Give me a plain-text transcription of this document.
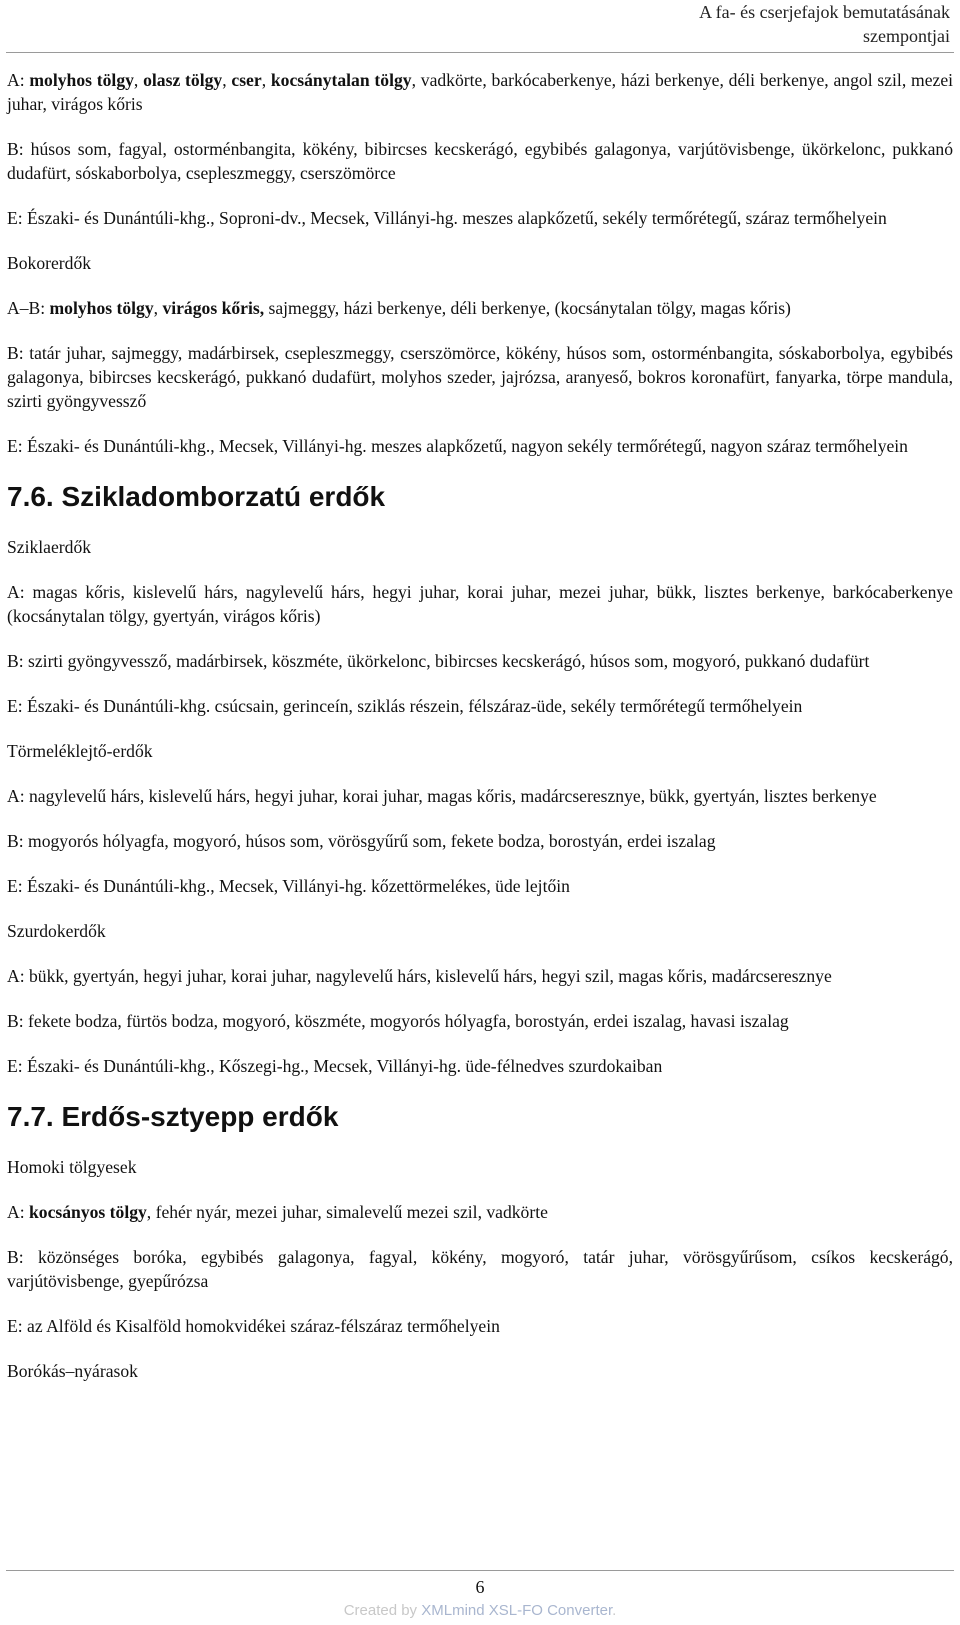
A fa- és cserjefajok bemutatásának
szempontjai

A: molyhos tölgy, olasz tölgy, cser, kocsánytalan tölgy, vadkörte, barkócaberkenye, házi berkenye, déli berkenye, angol szil, mezei juhar, virágos kőris

B: húsos som, fagyal, ostorménbangita, kökény, bibircses kecskerágó, egybibés galagonya, varjútövisbenge, ükörkelonc, pukkanó dudafürt, sóskaborbolya, csepleszmeggy, cserszömörce

E: Északi- és Dunántúli-khg., Soproni-dv., Mecsek, Villányi-hg. meszes alapkőzetű, sekély termőrétegű, száraz termőhelyein

Bokorerdők

A‒B: molyhos tölgy, virágos kőris, sajmeggy, házi berkenye, déli berkenye, (kocsánytalan tölgy, magas kőris)

B: tatár juhar, sajmeggy, madárbirsek, csepleszmeggy, cserszömörce, kökény, húsos som, ostorménbangita, sóskaborbolya, egybibés galagonya, bibircses kecskerágó, pukkanó dudafürt, molyhos szeder, jajrózsa, aranyeső, bokros koronafürt, fanyarka, törpe mandula, szirti gyöngyvessző

E: Északi- és Dunántúli-khg., Mecsek, Villányi-hg. meszes alapkőzetű, nagyon sekély termőrétegű, nagyon száraz termőhelyein

7.6. Szikladomborzatú erdők

Sziklaerdők

A: magas kőris, kislevelű hárs, nagylevelű hárs, hegyi juhar, korai juhar, mezei juhar, bükk, lisztes berkenye, barkócaberkenye (kocsánytalan tölgy, gyertyán, virágos kőris)

B: szirti gyöngyvessző, madárbirsek, köszméte, ükörkelonc, bibircses kecskerágó, húsos som, mogyoró, pukkanó dudafürt

E: Északi- és Dunántúli-khg. csúcsain, gerinceín, sziklás részein, félszáraz-üde, sekély termőrétegű termőhelyein

Törmeléklejtő-erdők

A: nagylevelű hárs, kislevelű hárs, hegyi juhar, korai juhar, magas kőris, madárcseresznye, bükk, gyertyán, lisztes berkenye

B: mogyorós hólyagfa, mogyoró, húsos som, vörösgyűrű som, fekete bodza, borostyán, erdei iszalag

E: Északi- és Dunántúli-khg., Mecsek, Villányi-hg. kőzettörmelékes, üde lejtőin

Szurdokerdők

A: bükk, gyertyán, hegyi juhar, korai juhar, nagylevelű hárs, kislevelű hárs, hegyi szil, magas kőris, madárcseresznye

B: fekete bodza, fürtös bodza, mogyoró, köszméte, mogyorós hólyagfa, borostyán, erdei iszalag, havasi iszalag

E: Északi- és Dunántúli-khg., Kőszegi-hg., Mecsek, Villányi-hg. üde-félnedves szurdokaiban

7.7. Erdős-sztyepp erdők

Homoki tölgyesek

A: kocsányos tölgy, fehér nyár, mezei juhar, simalevelű mezei szil, vadkörte

B: közönséges boróka, egybibés galagonya, fagyal, kökény, mogyoró, tatár juhar, vörösgyűrűsom, csíkos kecskerágó, varjútövisbenge, gyepűrózsa

E: az Alföld és Kisalföld homokvidékei száraz-félszáraz termőhelyein

Borókás‒nyárasok

6
Created by XMLmind XSL-FO Converter.
